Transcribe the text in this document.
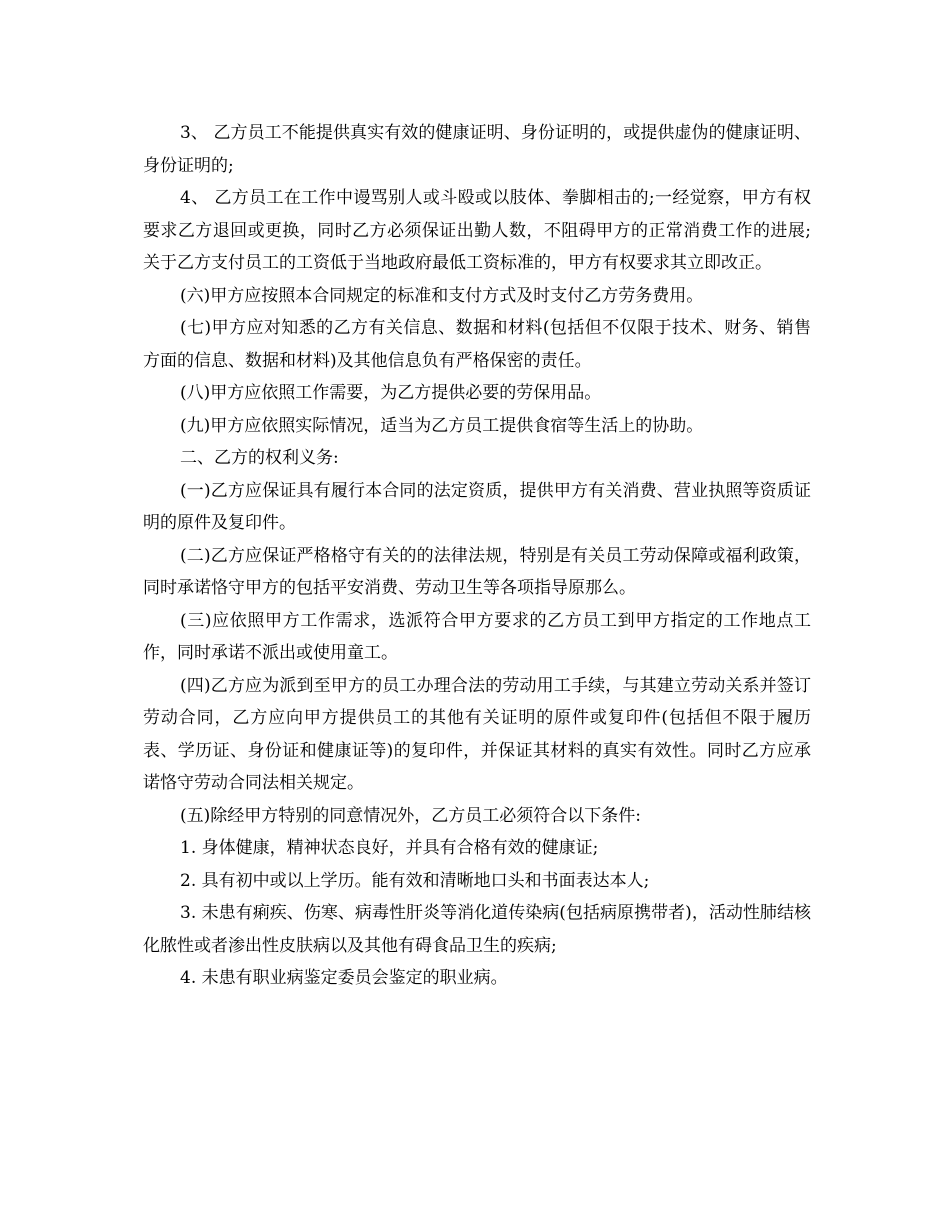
3、 乙方员工不能提供真实有效的健康证明、身份证明的，或提供虚伪的健康证明、身份证明的;

4、 乙方员工在工作中谩骂别人或斗殴或以肢体、拳脚相击的;一经觉察，甲方有权要求乙方退回或更换，同时乙方必须保证出勤人数，不阻碍甲方的正常消费工作的进展;关于乙方支付员工的工资低于当地政府最低工资标准的，甲方有权要求其立即改正。

(六)甲方应按照本合同规定的标准和支付方式及时支付乙方劳务费用。

(七)甲方应对知悉的乙方有关信息、数据和材料(包括但不仅限于技术、财务、销售方面的信息、数据和材料)及其他信息负有严格保密的责任。

(八)甲方应依照工作需要，为乙方提供必要的劳保用品。

(九)甲方应依照实际情况，适当为乙方员工提供食宿等生活上的协助。

二、乙方的权利义务:

(一)乙方应保证具有履行本合同的法定资质，提供甲方有关消费、营业执照等资质证明的原件及复印件。

(二)乙方应保证严格格守有关的的法律法规，特别是有关员工劳动保障或福利政策，同时承诺恪守甲方的包括平安消费、劳动卫生等各项指导原那么。

(三)应依照甲方工作需求，选派符合甲方要求的乙方员工到甲方指定的工作地点工作，同时承诺不派出或使用童工。

(四)乙方应为派到至甲方的员工办理合法的劳动用工手续，与其建立劳动关系并签订劳动合同，乙方应向甲方提供员工的其他有关证明的原件或复印件(包括但不限于履历表、学历证、身份证和健康证等)的复印件，并保证其材料的真实有效性。同时乙方应承诺恪守劳动合同法相关规定。

(五)除经甲方特别的同意情况外，乙方员工必须符合以下条件:

1. 身体健康，精神状态良好，并具有合格有效的健康证;

2. 具有初中或以上学历。能有效和清晰地口头和书面表达本人;

3. 未患有痢疾、伤寒、病毒性肝炎等消化道传染病(包括病原携带者)，活动性肺结核化脓性或者渗出性皮肤病以及其他有碍食品卫生的疾病;

4. 未患有职业病鉴定委员会鉴定的职业病。
